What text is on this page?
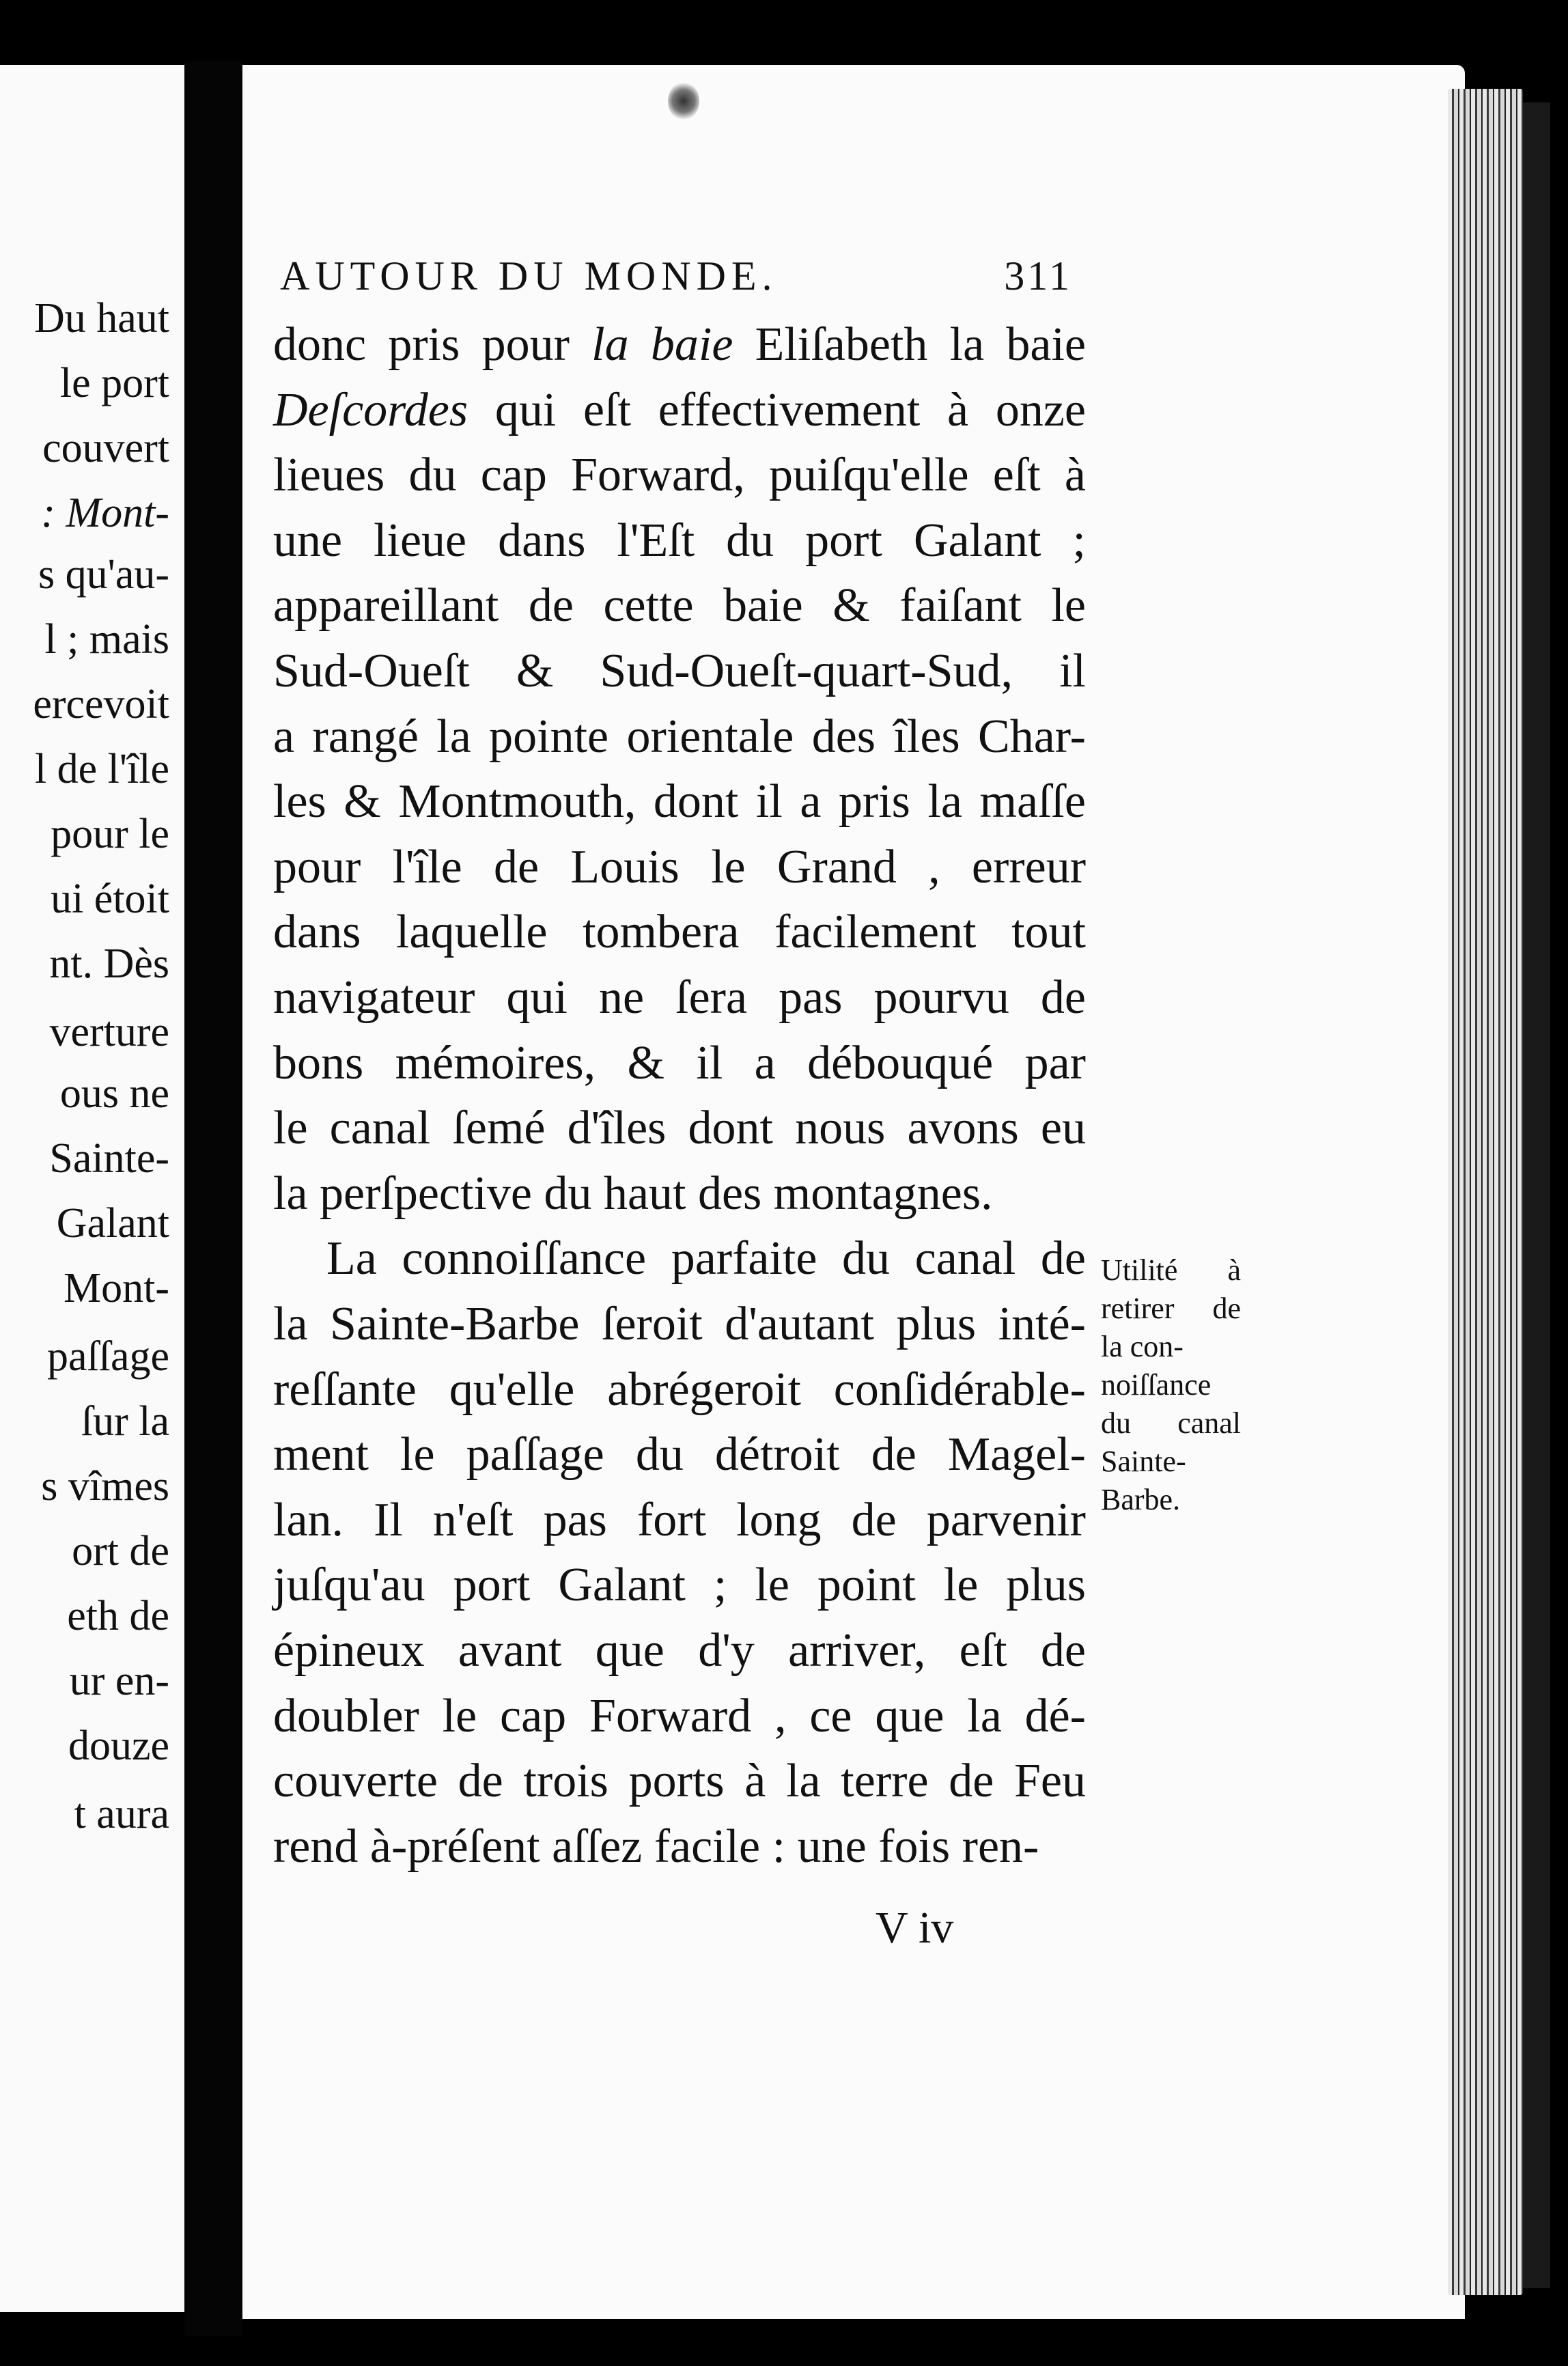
Du haut
le port
couvert
: Mont-
s qu'au-
l ; mais
ercevoit
l de l'île
pour le
ui étoit
nt. Dès
verture
ous ne
Sainte-
Galant
Mont-
paſſage
ſur la
s vîmes
ort de
eth de
ur en-
douze
t aura
AUTOUR DU MONDE.	311
donc pris pour la baie Eliſabeth la baie
Deſcordes qui eſt effectivement à onze
lieues du cap Forward, puiſqu'elle eſt à
une lieue dans l'Eſt du port Galant ;
appareillant de cette baie & faiſant le
Sud-Oueſt & Sud-Oueſt-quart-Sud, il
a rangé la pointe orientale des îles Char-
les & Montmouth, dont il a pris la maſſe
pour l'île de Louis le Grand , erreur
dans laquelle tombera facilement tout
navigateur qui ne ſera pas pourvu de
bons mémoires, & il a débouqué par
le canal ſemé d'îles dont nous avons eu
la perſpective du haut des montagnes.
La connoiſſance parfaite du canal de
la Sainte-Barbe ſeroit d'autant plus inté-
reſſante qu'elle abrégeroit conſidérable-
ment le paſſage du détroit de Magel-
lan. Il n'eſt pas fort long de parvenir
juſqu'au port Galant ; le point le plus
épineux avant que d'y arriver, eſt de
doubler le cap Forward , ce que la dé-
couverte de trois ports à la terre de Feu
rend à-préſent aſſez facile : une fois ren-
Utilité à
retirer de
la con-
noiſſance
du canal
Sainte-
Barbe.
V iv
